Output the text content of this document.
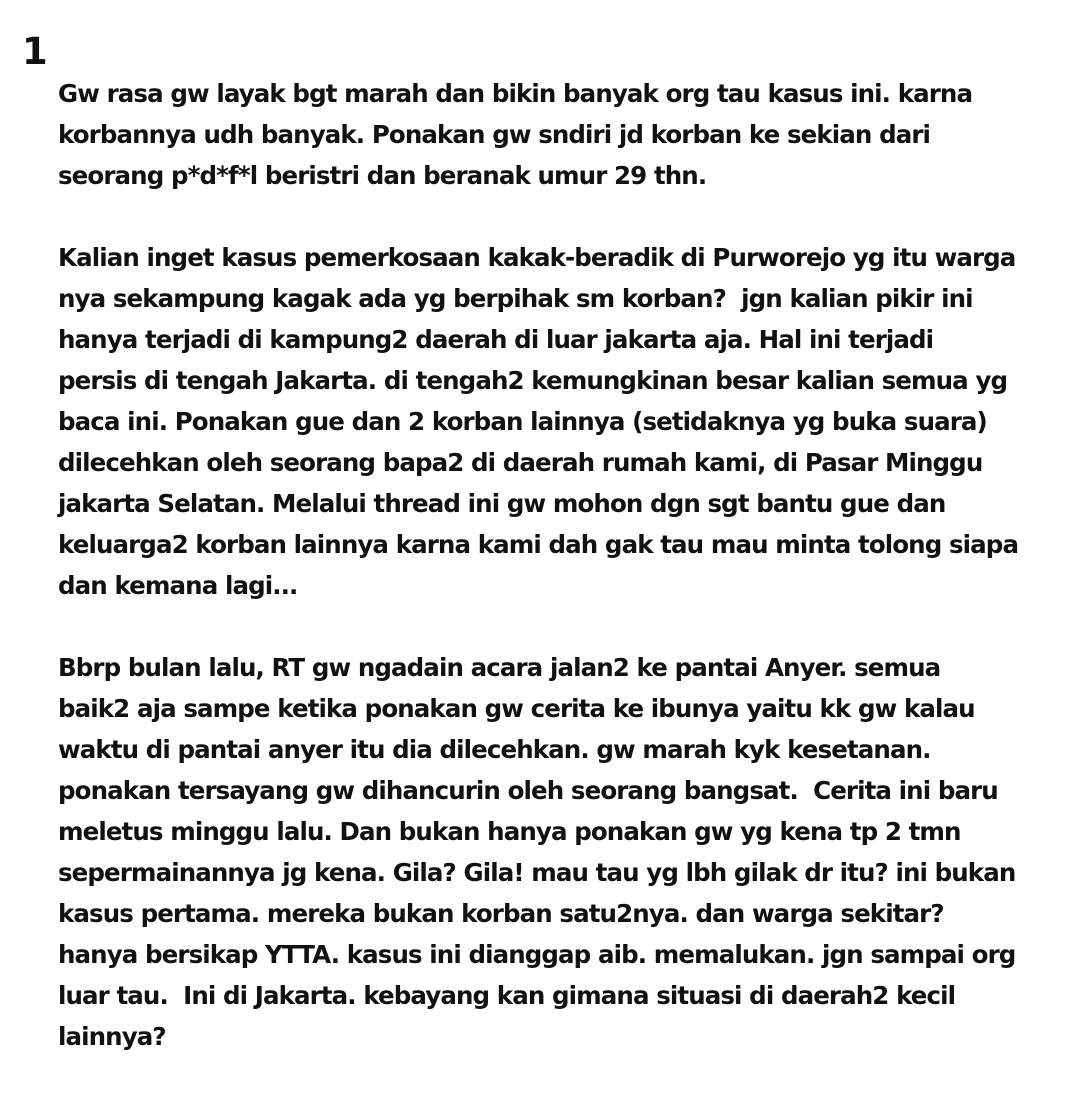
1
Gw rasa gw layak bgt marah dan bikin banyak org tau kasus ini. karna
korbannya udh banyak. Ponakan gw sndiri jd korban ke sekian dari
seorang p*d*f*l beristri dan beranak umur 29 thn.
Kalian inget kasus pemerkosaan kakak-beradik di Purworejo yg itu warga
nya sekampung kagak ada yg berpihak sm korban?  jgn kalian pikir ini
hanya terjadi di kampung2 daerah di luar jakarta aja. Hal ini terjadi
persis di tengah Jakarta. di tengah2 kemungkinan besar kalian semua yg
baca ini. Ponakan gue dan 2 korban lainnya (setidaknya yg buka suara)
dilecehkan oleh seorang bapa2 di daerah rumah kami, di Pasar Minggu
jakarta Selatan. Melalui thread ini gw mohon dgn sgt bantu gue dan
keluarga2 korban lainnya karna kami dah gak tau mau minta tolong siapa
dan kemana lagi...
Bbrp bulan lalu, RT gw ngadain acara jalan2 ke pantai Anyer. semua
baik2 aja sampe ketika ponakan gw cerita ke ibunya yaitu kk gw kalau
waktu di pantai anyer itu dia dilecehkan. gw marah kyk kesetanan.
ponakan tersayang gw dihancurin oleh seorang bangsat.  Cerita ini baru
meletus minggu lalu. Dan bukan hanya ponakan gw yg kena tp 2 tmn
sepermainannya jg kena. Gila? Gila! mau tau yg lbh gilak dr itu? ini bukan
kasus pertama. mereka bukan korban satu2nya. dan warga sekitar?
hanya bersikap YTTA. kasus ini dianggap aib. memalukan. jgn sampai org
luar tau.  Ini di Jakarta. kebayang kan gimana situasi di daerah2 kecil
lainnya?
